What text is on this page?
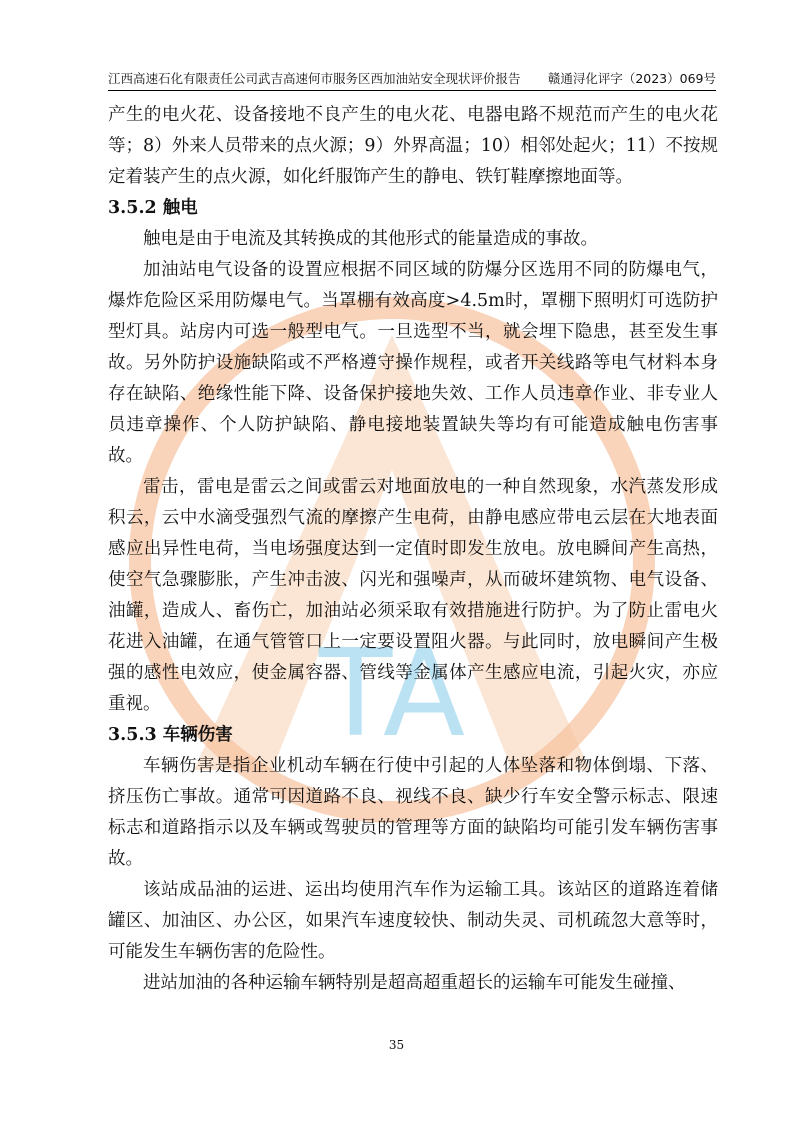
TA
江西高速石化有限责任公司武吉高速何市服务区西加油站安全现状评价报告 赣通浔化评字（2023）069号

产生的电火花、设备接地不良产生的电火花、电器电路不规范而产生的电火花等；8）外来人员带来的点火源；9）外界高温；10）相邻处起火；11）不按规定着装产生的点火源，如化纤服饰产生的静电、铁钉鞋摩擦地面等。

3.5.2 触电

触电是由于电流及其转换成的其他形式的能量造成的事故。

加油站电气设备的设置应根据不同区域的防爆分区选用不同的防爆电气，爆炸危险区采用防爆电气。当罩棚有效高度>4.5m时，罩棚下照明灯可选防护型灯具。站房内可选一般型电气。一旦选型不当，就会埋下隐患，甚至发生事故。另外防护设施缺陷或不严格遵守操作规程，或者开关线路等电气材料本身存在缺陷、绝缘性能下降、设备保护接地失效、工作人员违章作业、非专业人员违章操作、个人防护缺陷、静电接地装置缺失等均有可能造成触电伤害事故。

雷击，雷电是雷云之间或雷云对地面放电的一种自然现象，水汽蒸发形成积云，云中水滴受强烈气流的摩擦产生电荷，由静电感应带电云层在大地表面感应出异性电荷，当电场强度达到一定值时即发生放电。放电瞬间产生高热，使空气急骤膨胀，产生冲击波、闪光和强噪声，从而破坏建筑物、电气设备、油罐，造成人、畜伤亡，加油站必须采取有效措施进行防护。为了防止雷电火花进入油罐，在通气管管口上一定要设置阻火器。与此同时，放电瞬间产生极强的感性电效应，使金属容器、管线等金属体产生感应电流，引起火灾，亦应重视。

3.5.3 车辆伤害

车辆伤害是指企业机动车辆在行使中引起的人体坠落和物体倒塌、下落、挤压伤亡事故。通常可因道路不良、视线不良、缺少行车安全警示标志、限速标志和道路指示以及车辆或驾驶员的管理等方面的缺陷均可能引发车辆伤害事故。

该站成品油的运进、运出均使用汽车作为运输工具。该站区的道路连着储罐区、加油区、办公区，如果汽车速度较快、制动失灵、司机疏忽大意等时，可能发生车辆伤害的危险性。

进站加油的各种运输车辆特别是超高超重超长的运输车可能发生碰撞、

35
